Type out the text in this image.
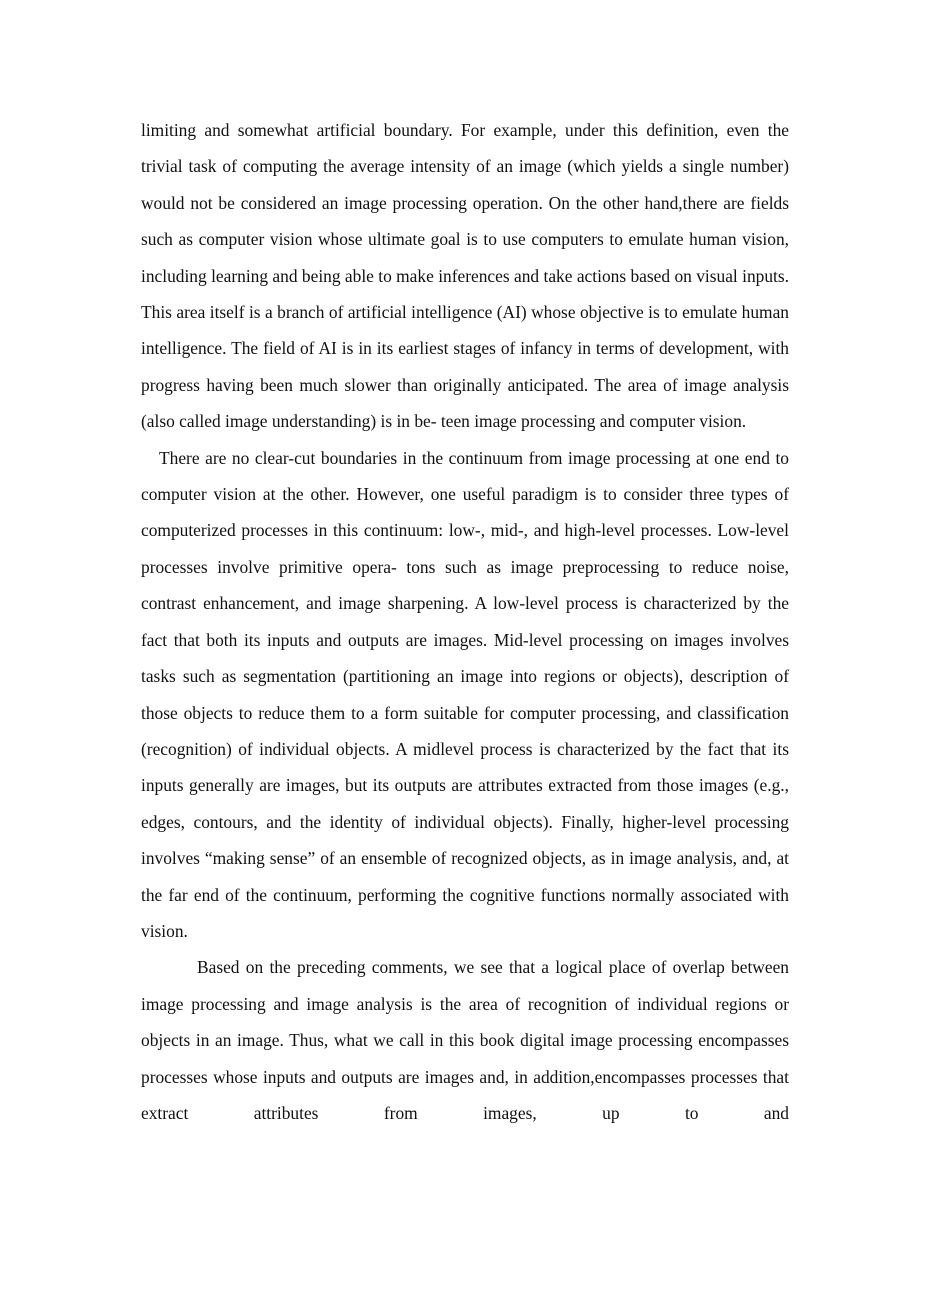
limiting and somewhat artificial boundary. For example, under this definition, even the trivial task of computing the average intensity of an image (which yields a single number) would not be considered an image processing operation. On the other hand,there are fields such as computer vision whose ultimate goal is to use computers to emulate human vision, including learning and being able to make inferences and take actions based on visual inputs. This area itself is a branch of artificial intelligence (AI) whose objective is to emulate human intelligence. The field of AI is in its earliest stages of infancy in terms of development, with progress having been much slower than originally anticipated. The area of image analysis (also called image understanding) is in be- teen image processing and computer vision.

There are no clear-cut boundaries in the continuum from image processing at one end to computer vision at the other. However, one useful paradigm is to consider three types of computerized processes in this continuum: low-, mid-, and high-level processes. Low-level processes involve primitive opera- tons such as image preprocessing to reduce noise, contrast enhancement, and image sharpening. A low-level process is characterized by the fact that both its inputs and outputs are images. Mid-level processing on images involves tasks such as segmentation (partitioning an image into regions or objects), description of those objects to reduce them to a form suitable for computer processing, and classification (recognition) of individual objects. A midlevel process is characterized by the fact that its inputs generally are images, but its outputs are attributes extracted from those images (e.g., edges, contours, and the identity of individual objects). Finally, higher-level processing involves “making sense” of an ensemble of recognized objects, as in image analysis, and, at the far end of the continuum, performing the cognitive functions normally associated with vision.

Based on the preceding comments, we see that a logical place of overlap between image processing and image analysis is the area of recognition of individual regions or objects in an image. Thus, what we call in this book digital image processing encompasses processes whose inputs and outputs are images and, in addition,encompasses processes that extract attributes from images, up to and
